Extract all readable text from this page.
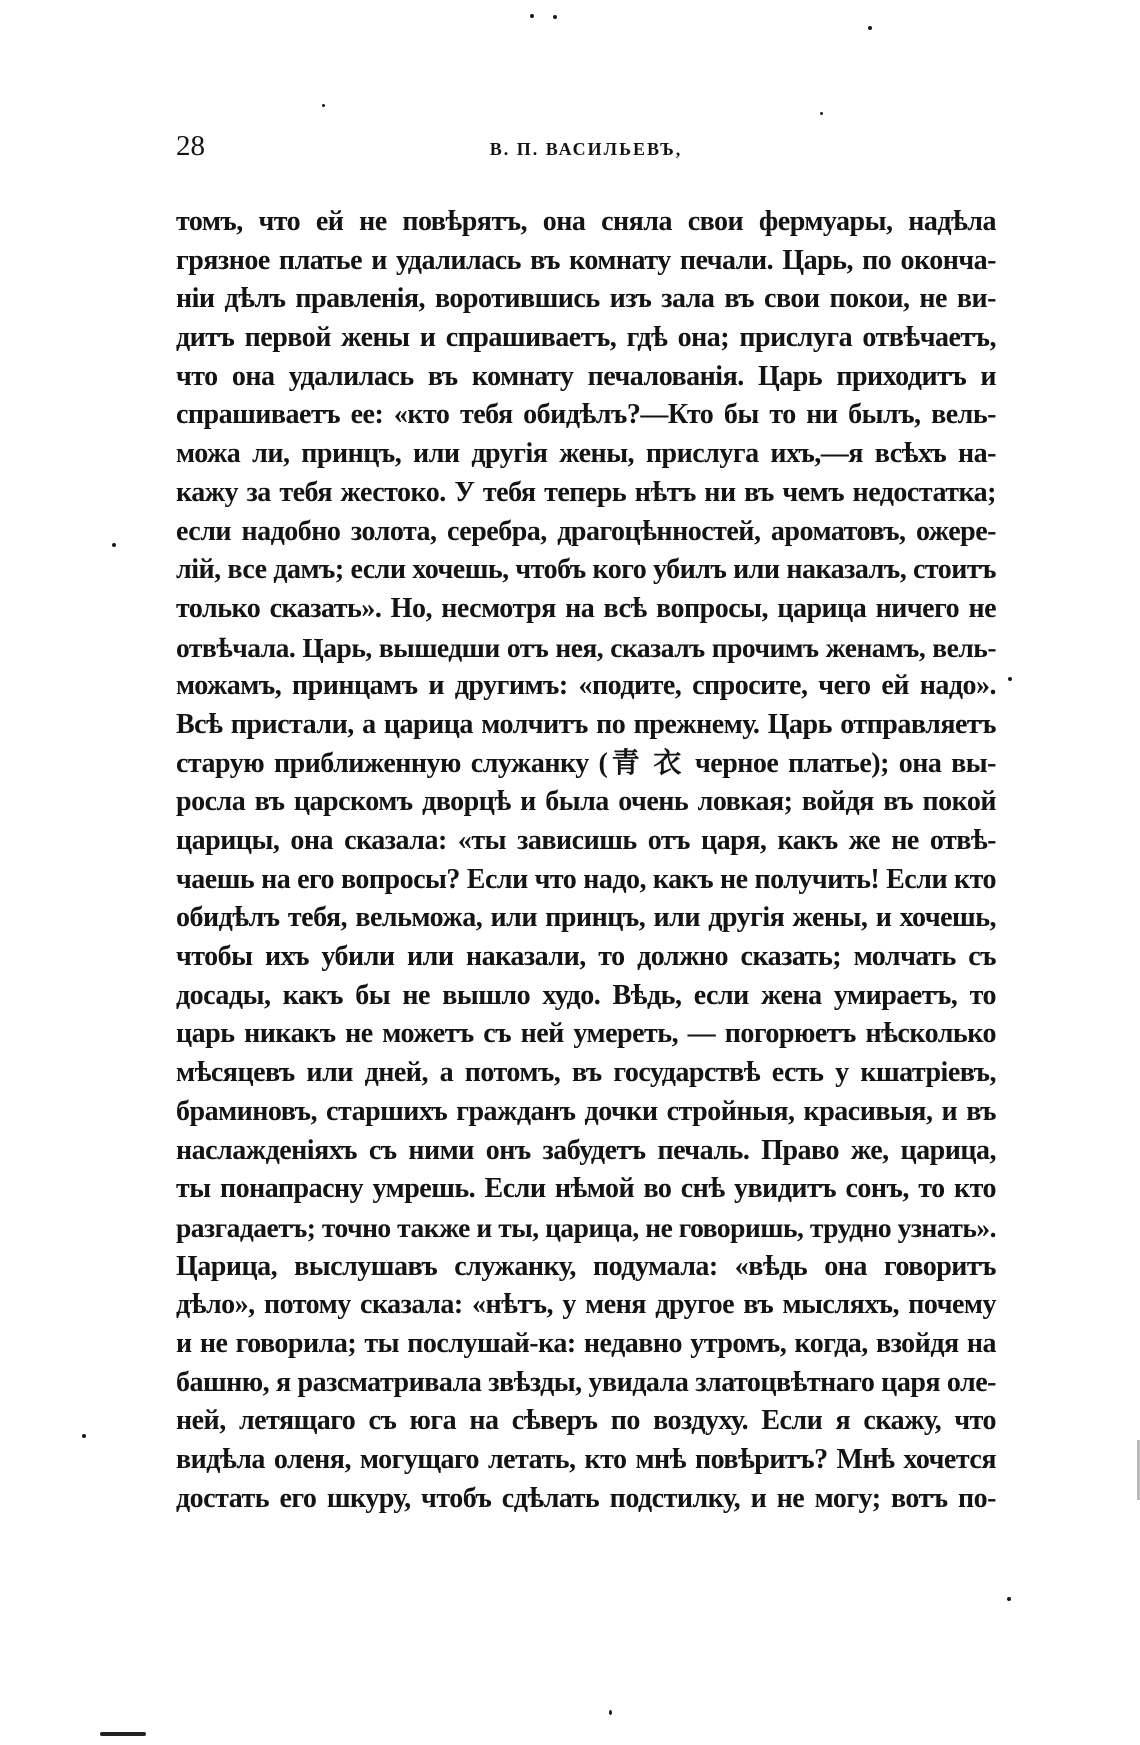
28	В. П. ВАСИЛЬЕВЪ,
томъ, что ей не повѣрятъ, она сняла свои фермуары, надѣла
грязное платье и удалилась въ комнату печали. Царь, по оконча-
ніи дѣлъ правленія, воротившись изъ зала въ свои покои, не ви-
дитъ первой жены и спрашиваетъ, гдѣ она; прислуга отвѣчаетъ,
что она удалилась въ комнату печалованія. Царь приходитъ и
спрашиваетъ ее: «кто тебя обидѣлъ?—Кто бы то ни былъ, вель-
можа ли, принцъ, или другія жены, прислуга ихъ,—я всѣхъ на-
кажу за тебя жестоко. У тебя теперь нѣтъ ни въ чемъ недостатка;
если надобно золота, серебра, драгоцѣнностей, ароматовъ, ожере-
лій, все дамъ; если хочешь, чтобъ кого убилъ или наказалъ, стоитъ
только сказать». Но, несмотря на всѣ вопросы, царица ничего не
отвѣчала. Царь, вышедши отъ нея, сказалъ прочимъ женамъ, вель-
можамъ, принцамъ и другимъ: «подите, спросите, чего ей надо».
Всѣ пристали, а царица молчитъ по прежнему. Царь отправляетъ
старую приближенную служанку (青 衣 черное платье); она вы-
росла въ царскомъ дворцѣ и была очень ловкая; войдя въ покой
царицы, она сказала: «ты зависишь отъ царя, какъ же не отвѣ-
чаешь на его вопросы? Если что надо, какъ не получить! Если кто
обидѣлъ тебя, вельможа, или принцъ, или другія жены, и хочешь,
чтобы ихъ убили или наказали, то должно сказать; молчать съ
досады, какъ бы не вышло худо. Вѣдь, если жена умираетъ, то
царь никакъ не можетъ съ ней умереть, — погорюетъ нѣсколько
мѣсяцевъ или дней, а потомъ, въ государствѣ есть у кшатріевъ,
браминовъ, старшихъ гражданъ дочки стройныя, красивыя, и въ
наслажденіяхъ съ ними онъ забудетъ печаль. Право же, царица,
ты понапрасну умрешь. Если нѣмой во снѣ увидитъ сонъ, то кто
разгадаетъ; точно также и ты, царица, не говоришь, трудно узнать».
Царица, выслушавъ служанку, подумала: «вѣдь она говоритъ
дѣло», потому сказала: «нѣтъ, у меня другое въ мысляхъ, почему
и не говорила; ты послушай-ка: недавно утромъ, когда, взойдя на
башню, я разсматривала звѣзды, увидала златоцвѣтнаго царя оле-
ней, летящаго съ юга на сѣверъ по воздуху. Если я скажу, что
видѣла оленя, могущаго летать, кто мнѣ повѣритъ? Мнѣ хочется
достать его шкуру, чтобъ сдѣлать подстилку, и не могу; вотъ по-
